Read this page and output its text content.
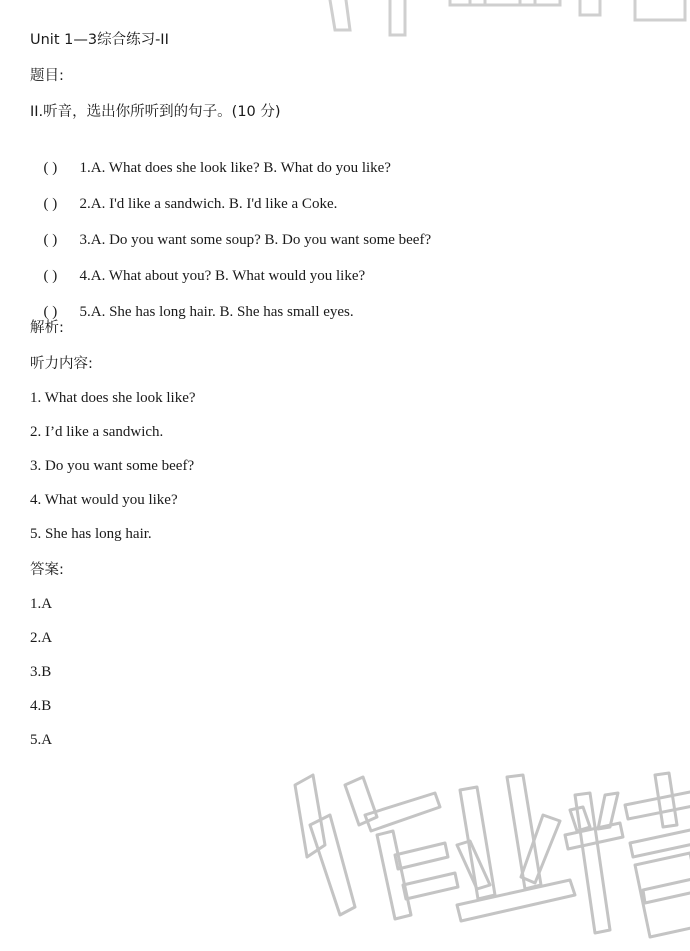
Unit 1—3综合练习-II
题目:
II.听音，选出你所听到的句子。(10 分)

( ) 1.A. What does she look like? B. What do you like?

( ) 2.A. I'd like a sandwich. B. I'd like a Coke.

( ) 3.A. Do you want some soup? B. Do you want some beef?

( ) 4.A. What about you? B. What would you like?

( ) 5.A. She has long hair. B. She has small eyes.

解析:
听力内容:
1. What does she look like?
2. I’d like a sandwich.
3. Do you want some beef?
4. What would you like?
5. She has long hair.
答案:
1.A
2.A
3.B
4.B
5.A
